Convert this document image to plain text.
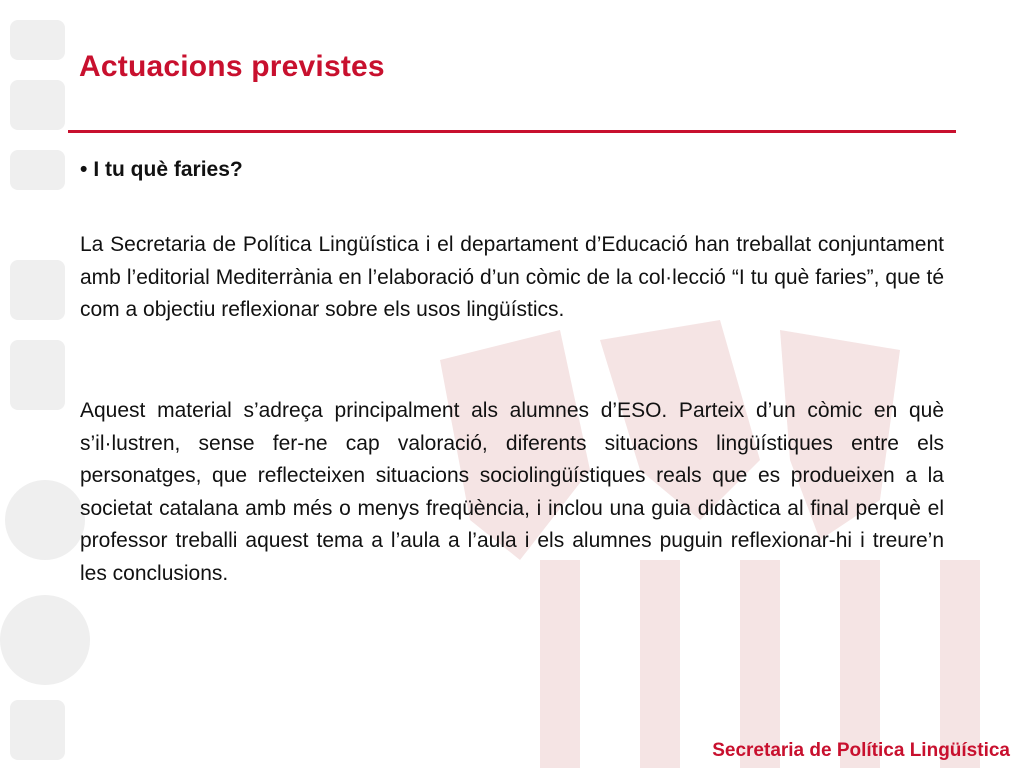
Actuacions previstes
• I tu què faries?

La Secretaria de Política Lingüística i el departament d’Educació han treballat conjuntament amb l’editorial Mediterrània en l’elaboració d’un còmic de la col·lecció “I tu què faries”, que té com a objectiu reflexionar sobre els usos lingüístics.

Aquest material s’adreça principalment als alumnes d’ESO. Parteix d’un còmic en què s’il·lustren, sense fer-ne cap valoració, diferents situacions lingüístiques entre els personatges, que reflecteixen situacions sociolingüístiques reals que es produeixen a la societat catalana amb més o menys freqüència, i inclou una guia didàctica al final perquè el professor treballi aquest tema a l’aula a l’aula i els alumnes puguin reflexionar-hi i treure’n les conclusions.

Secretaria de Política Lingüística
